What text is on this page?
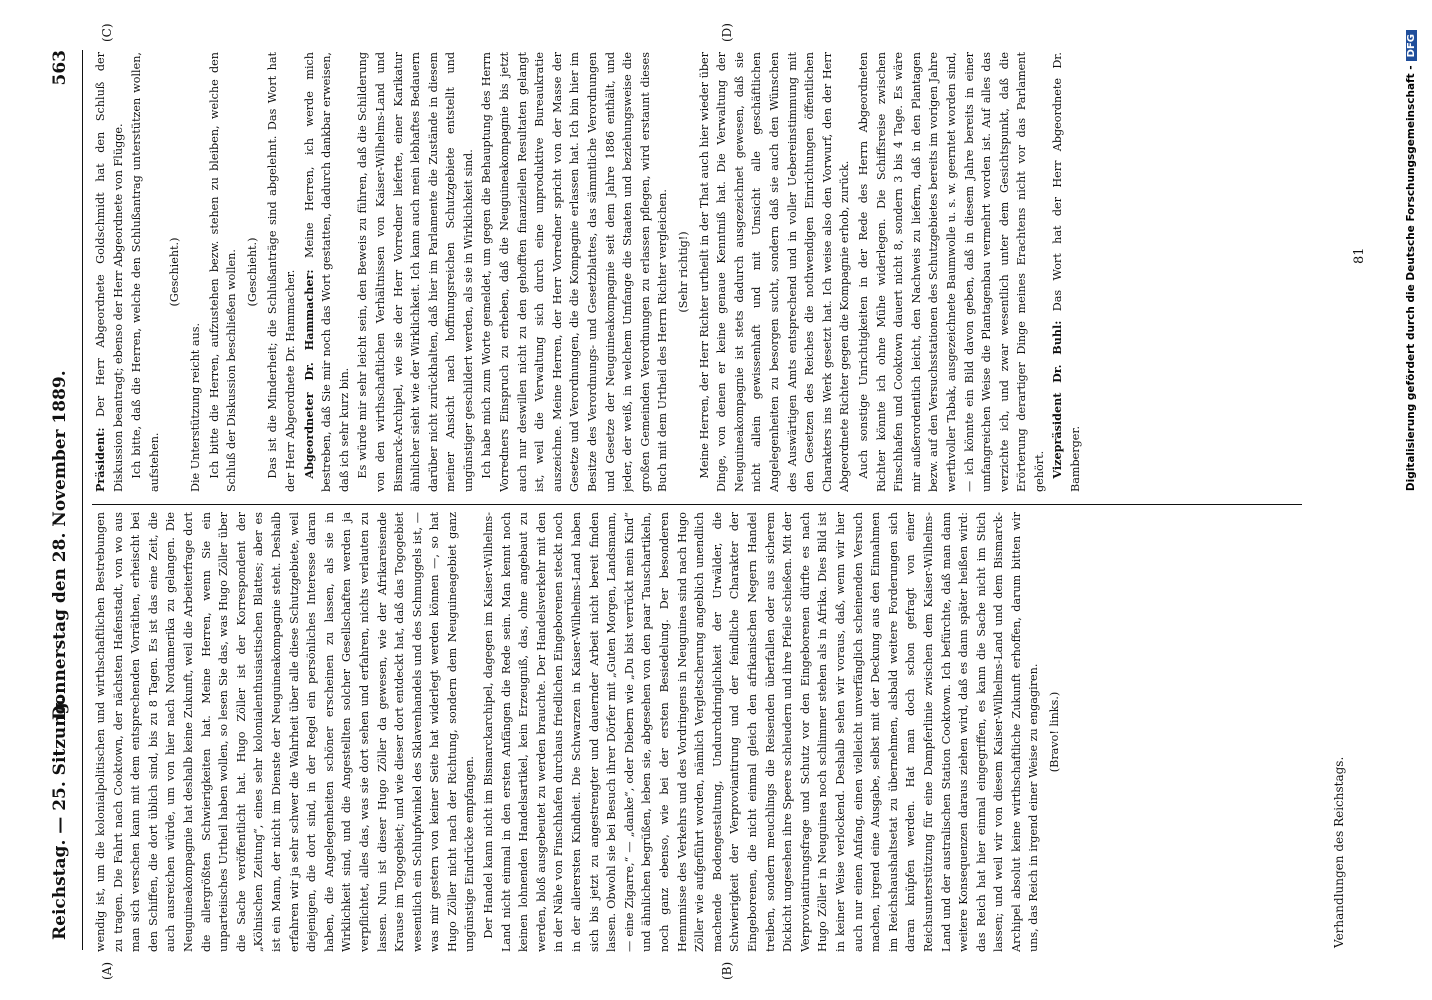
Reichstag. — 25. Sitzung.
Donnerstag den 28. November 1889.
563
(A)	(B)
(C)	(D)

wendig ist, um die kolonialpolitischen und wirthschaftlichen Bestrebungen zu tragen. Die Fahrt nach Cooktown, der nächsten Hafenstadt, von wo aus man sich verschen kann mit dem entsprechenden Vorräthen, erheischt bei den Schiffen, die dort üblich sind, bis zu 8 Tagen. Es ist das eine Zeit, die auch ausreichen würde, um von hier nach Nordamerika zu gelangen. Die Neuguineakompagnie hat deshalb keine Zukunft, weil die Arbeiterfrage dort die allergrößten Schwierigkeiten hat. Meine Herren, wenn Sie ein unparteiisches Urtheil haben wollen, so lesen Sie das, was Hugo Zöller über die Sache veröffentlicht hat. Hugo Zöller ist der Korrespondent der „Kölnischen Zeitung“, eines sehr kolonialenthusiastischen Blattes; aber es ist ein Mann, der nicht im Dienste der Neuguineakompagnie steht. Deshalb erfahren wir ja sehr schwer die Wahrheit über alle diese Schutzgebiete, weil diejenigen, die dort sind, in der Regel ein persönliches Interesse daran haben, die Angelegenheiten schöner erscheinen zu lassen, als sie in Wirklichkeit sind, und die Angestellten solcher Gesellschaften werden ja verpflichtet, alles das, was sie dort sehen und erfahren, nichts verlauten zu lassen. Nun ist dieser Hugo Zöller da gewesen, wie der Afrikareisende Krause im Togogebiet; und wie dieser dort entdeckt hat, daß das Togogebiet wesentlich ein Schlupfwinkel des Sklavenhandels und des Schmuggels ist, — was mir gestern von keiner Seite hat widerlegt werden können —, so hat Hugo Zöller nicht nach der Richtung, sondern dem Neuguineagebiet ganz ungünstige Eindrücke empfangen. Der Handel kann nicht im Bismarckarchipel, dagegen im Kaiser-Wilhelms-Land nicht einmal in den ersten Anfängen die Rede sein. Man kennt noch keinen lohnenden Handelsartikel, kein Erzeugniß, das, ohne angebaut zu werden, bloß ausgebeutet zu werden brauchte. Der Handelsverkehr mit den in der Nähe von Finschhafen durchaus friedlichen Eingeborenen steckt noch in der allerersten Kindheit. Die Schwarzen in Kaiser-Wilhelms-Land haben sich bis jetzt zu angestrengter und dauernder Arbeit nicht bereit finden lassen. Obwohl sie bei Besuch ihrer Dörfer mit „Guten Morgen, Landsmann, — eine Zigarre,“ — „danke“, oder Diebern wie „Du bist verrückt mein Kind“ und ähnlichen begrüßen, leben sie, abgesehen von den paar Tauschartikeln, noch ganz ebenso, wie bei der ersten Besiedelung. Der besonderen Hemmnisse des Verkehrs und des Vordringens in Neuguinea sind nach Hugo Zöller wie aufgeführt worden, nämlich Vergletscherung angeblich unendlich machende Bodengestaltung, Undurchdringlichkeit der Urwälder, die Schwierigkeit der Verproviantirung und der feindliche Charakter der Eingeborenen, die nicht einmal gleich den afrikanischen Negern Handel treiben, sondern meuchlings die Reisenden überfallen oder aus sicherem Dickicht ungesehen ihre Speere schleudern und ihre Pfeile schießen. Mit der Verproviantirungsfrage und Schutz vor den Eingeborenen dürfte es nach Hugo Zöller in Neuguinea noch schlimmer stehen als in Afrika. Dies Bild ist in keiner Weise verlockend. Deshalb sehen wir voraus, daß, wenn wir hier auch nur einen Anfang, einen vielleicht unverfänglich scheinenden Versuch machen, irgend eine Ausgabe, selbst mit der Deckung aus den Einnahmen im Reichshaushaltsetat zu übernehmen, alsbald weitere Forderungen sich daran knüpfen werden. Hat man doch schon gefragt von einer Reichsunterstützung für eine Dampferlinie zwischen dem Kaiser-Wilhelms-Land und der australischen Station Cooktown. Ich befürchte, daß man dann weitere Konsequenzen daraus ziehen wird, daß es dann später heißen wird: das Reich hat hier einmal eingegriffen, es kann die Sache nicht im Stich lassen; und weil wir von diesem Kaiser-Wilhelms-Land und dem Bismarck-Archipel absolut keine wirthschaftliche Zukunft erhoffen, darum bitten wir uns, das Reich in irgend einer Weise zu engagiren. (Bravo! links.)

Präsident: Der Herr Abgeordnete Goldschmidt hat den Schluß der Diskussion beantragt; ebenso der Herr Abgeordnete von Flügge. Ich bitte, daß die Herren, welche den Schlußantrag unterstützen wollen, aufstehen.

(Geschieht.)

Die Unterstützung reicht aus. Ich bitte die Herren, aufzustehen bezw. stehen zu bleiben, welche den Schluß der Diskussion beschließen wollen. (Geschieht.) Das ist die Minderheit; die Schlußanträge sind abgelehnt. Das Wort hat der Herr Abgeordnete Dr. Hammacher. Abgeordneter Dr. Hammacher: Meine Herren, ich werde mich bestreben, daß Sie mir noch das Wort gestatten, dadurch dankbar erweisen, daß ich sehr kurz bin. Es würde mir sehr leicht sein, den Beweis zu führen, daß die Schilderung von den wirthschaftlichen Verhältnissen von Kaiser-Wilhelms-Land und Bismarck-Archipel, wie sie der Herr Vorredner lieferte, einer Karikatur ähnlicher sieht wie der Wirklichkeit. Ich kann auch mein lebhaftes Bedauern darüber nicht zurückhalten, daß hier im Parlamente die Zustände in diesem meiner Ansicht nach hoffnungsreichen Schutzgebiete entstellt und ungünstiger geschildert werden, als sie in Wirklichkeit sind. Ich habe mich zum Worte gemeldet, um gegen die Behauptung des Herrn Vorredners Einspruch zu erheben, daß die Neuguineakompagnie bis jetzt auch nur deswillen nicht zu den gehofften finanziellen Resultaten gelangt ist, weil die Verwaltung sich durch eine unproduktive Bureaukratie auszeichne. Meine Herren, der Herr Vorredner spricht von der Masse der Gesetze und Verordnungen, die die Kompagnie erlassen hat. Ich bin hier im Besitze des Verordnungs- und Gesetzblattes, das sämmtliche Verordnungen und Gesetze der Neuguineakompagnie seit dem Jahre 1886 enthält, und jeder, der weiß, in welchem Umfange die Staaten und beziehungsweise die großen Gemeinden Verordnungen zu erlassen pflegen, wird erstaunt dieses Buch mit dem Urtheil des Herrn Richter vergleichen. (Sehr richtig!) Meine Herren, der Herr Richter urtheilt in der That auch hier wieder über Dinge, von denen er keine genaue Kenntniß hat. Die Verwaltung der Neuguineakompagnie ist stets dadurch ausgezeichnet gewesen, daß sie nicht allein gewissenhaft und mit Umsicht alle geschäftlichen Angelegenheiten zu besorgen sucht, sondern daß sie auch den Wünschen des Auswärtigen Amts entsprechend und in voller Uebereinstimmung mit den Gesetzen des Reiches die nothwendigen Einrichtungen öffentlichen Charakters ins Werk gesetzt hat. Ich weise also den Vorwurf, den der Herr Abgeordnete Richter gegen die Kompagnie erhob, zurück. Auch sonstige Unrichtigkeiten in der Rede des Herrn Abgeordneten Richter könnte ich ohne Mühe widerlegen. Die Schiffsreise zwischen Finschhafen und Cooktown dauert nicht 8, sondern 3 bis 4 Tage. Es wäre mir außerordentlich leicht, den Nachweis zu liefern, daß in den Plantagen bezw. auf den Versuchsstationen des Schutzgebietes bereits im vorigen Jahre werthvoller Tabak, ausgezeichnete Baumwolle u. s. w. geerntet worden sind, — ich könnte ein Bild davon geben, daß in diesem Jahre bereits in einer umfangreichen Weise die Plantagenbau vermehrt worden ist. Auf alles das verzichte ich, und zwar wesentlich unter dem Gesichtspunkt, daß die Erörterung derartiger Dinge meines Erachtens nicht vor das Parlament gehört. Vizepräsident Dr. Buhl: Das Wort hat der Herr Abgeordnete Dr. Bamberger.

Verhandlungen des Reichstags.
81	Digitalisierung gefördert durch die Deutsche Forschungsgemeinschaft -DFG
